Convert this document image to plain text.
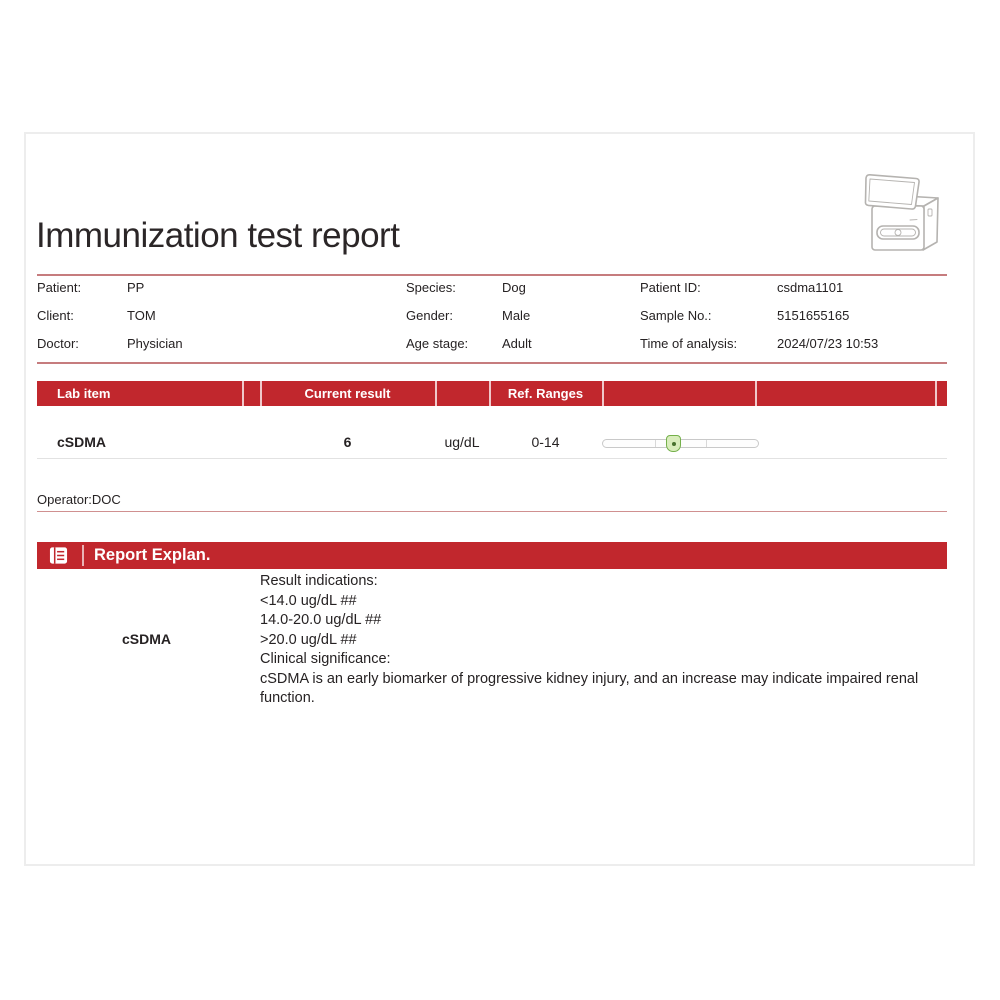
Immunization test report
Patient:	PP
Client:	TOM
Doctor:	Physician
Species:	Dog
Gender:	Male
Age stage:	Adult
Patient ID:	csdma1101
Sample No.:	5151655165
Time of analysis:	2024/07/23 10:53
Lab item	Current result	Ref. Ranges
cSDMA	6	ug/dL	0-14
Operator:DOC
Report Explan.
cSDMA
Result indications:
<14.0 ug/dL ##
14.0-20.0 ug/dL ##
>20.0 ug/dL ##
Clinical significance:
cSDMA is an early biomarker of progressive kidney injury, and an increase may indicate impaired renal function.
